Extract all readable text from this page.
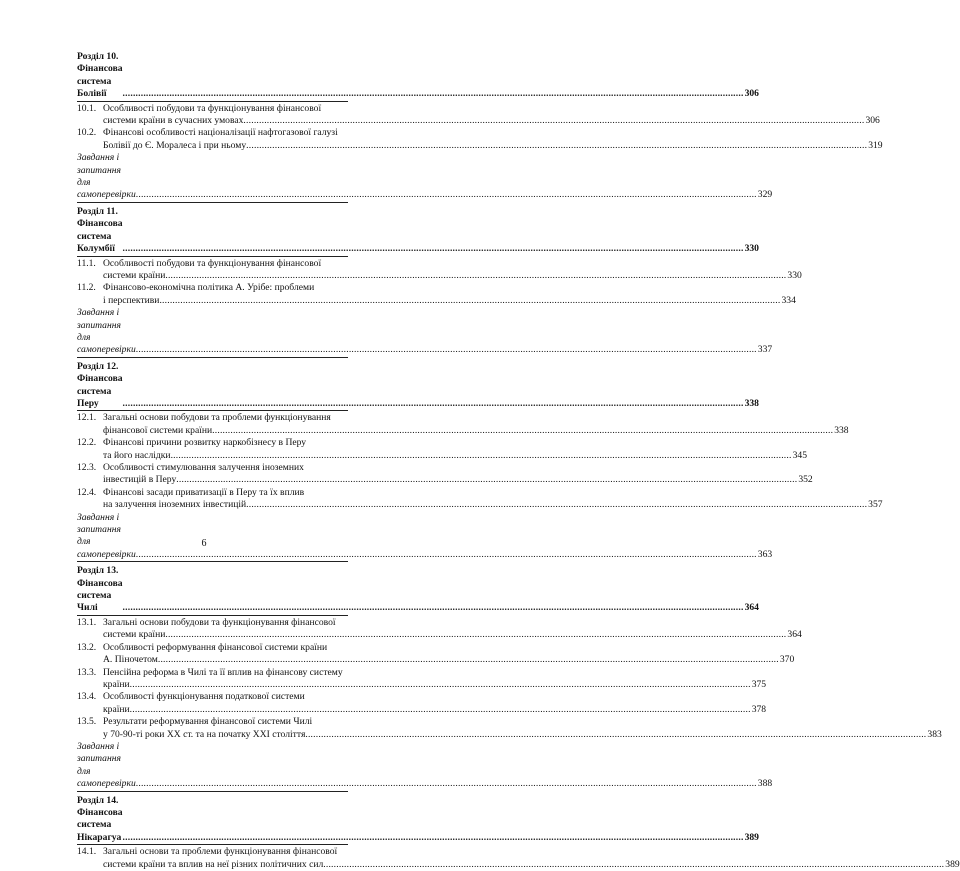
Розділ 10. Фінансова система Болівії .....	306
10.1. Особливості побудови та функціонування фінансової
системи країни в сучасних умовах .....	306
10.2. Фінансові особливості націоналізації нафтогазової галузі
Болівії до Є. Моралеса і при ньому .....	319
Завдання і запитання для самоперевірки .....	329
Розділ 11. Фінансова система Колумбії .....	330
11.1. Особливості побудови та функціонування фінансової
системи країни .....	330
11.2. Фінансово-економічна політика А. Урібе: проблеми
і перспективи .....	334
Завдання і запитання для самоперевірки .....	337
Розділ 12. Фінансова система Перу .....	338
12.1. Загальні основи побудови та проблеми функціонування
фінансової системи країни .....	338
12.2. Фінансові причини розвитку наркобізнесу в Перу
та його наслідки .....	345
12.3. Особливості стимулювання залучення іноземних
інвестицій в Перу .....	352
12.4. Фінансові засади приватизації в Перу та їх вплив
на залучення іноземних інвестицій .....	357
Завдання і запитання для самоперевірки .....	363
Розділ 13. Фінансова система Чилі .....	364
13.1. Загальні основи побудови та функціонування фінансової
системи країни .....	364
13.2. Особливості реформування фінансової системи країни
А. Піночетом .....	370
13.3. Пенсійна реформа в Чилі та її вплив на фінансову систему
країни .....	375
13.4. Особливості функціонування податкової системи
країни .....	378
13.5. Результати реформування фінансової системи Чилі
у 70-90-ті роки XX ст. та на початку XXI століття .....	383
Завдання і запитання для самоперевірки .....	388
Розділ 14. Фінансова система Нікарагуа .....	389
14.1. Загальні основи та проблеми функціонування фінансової
системи країни та вплив на неї різних політичних сил .....	389
6
